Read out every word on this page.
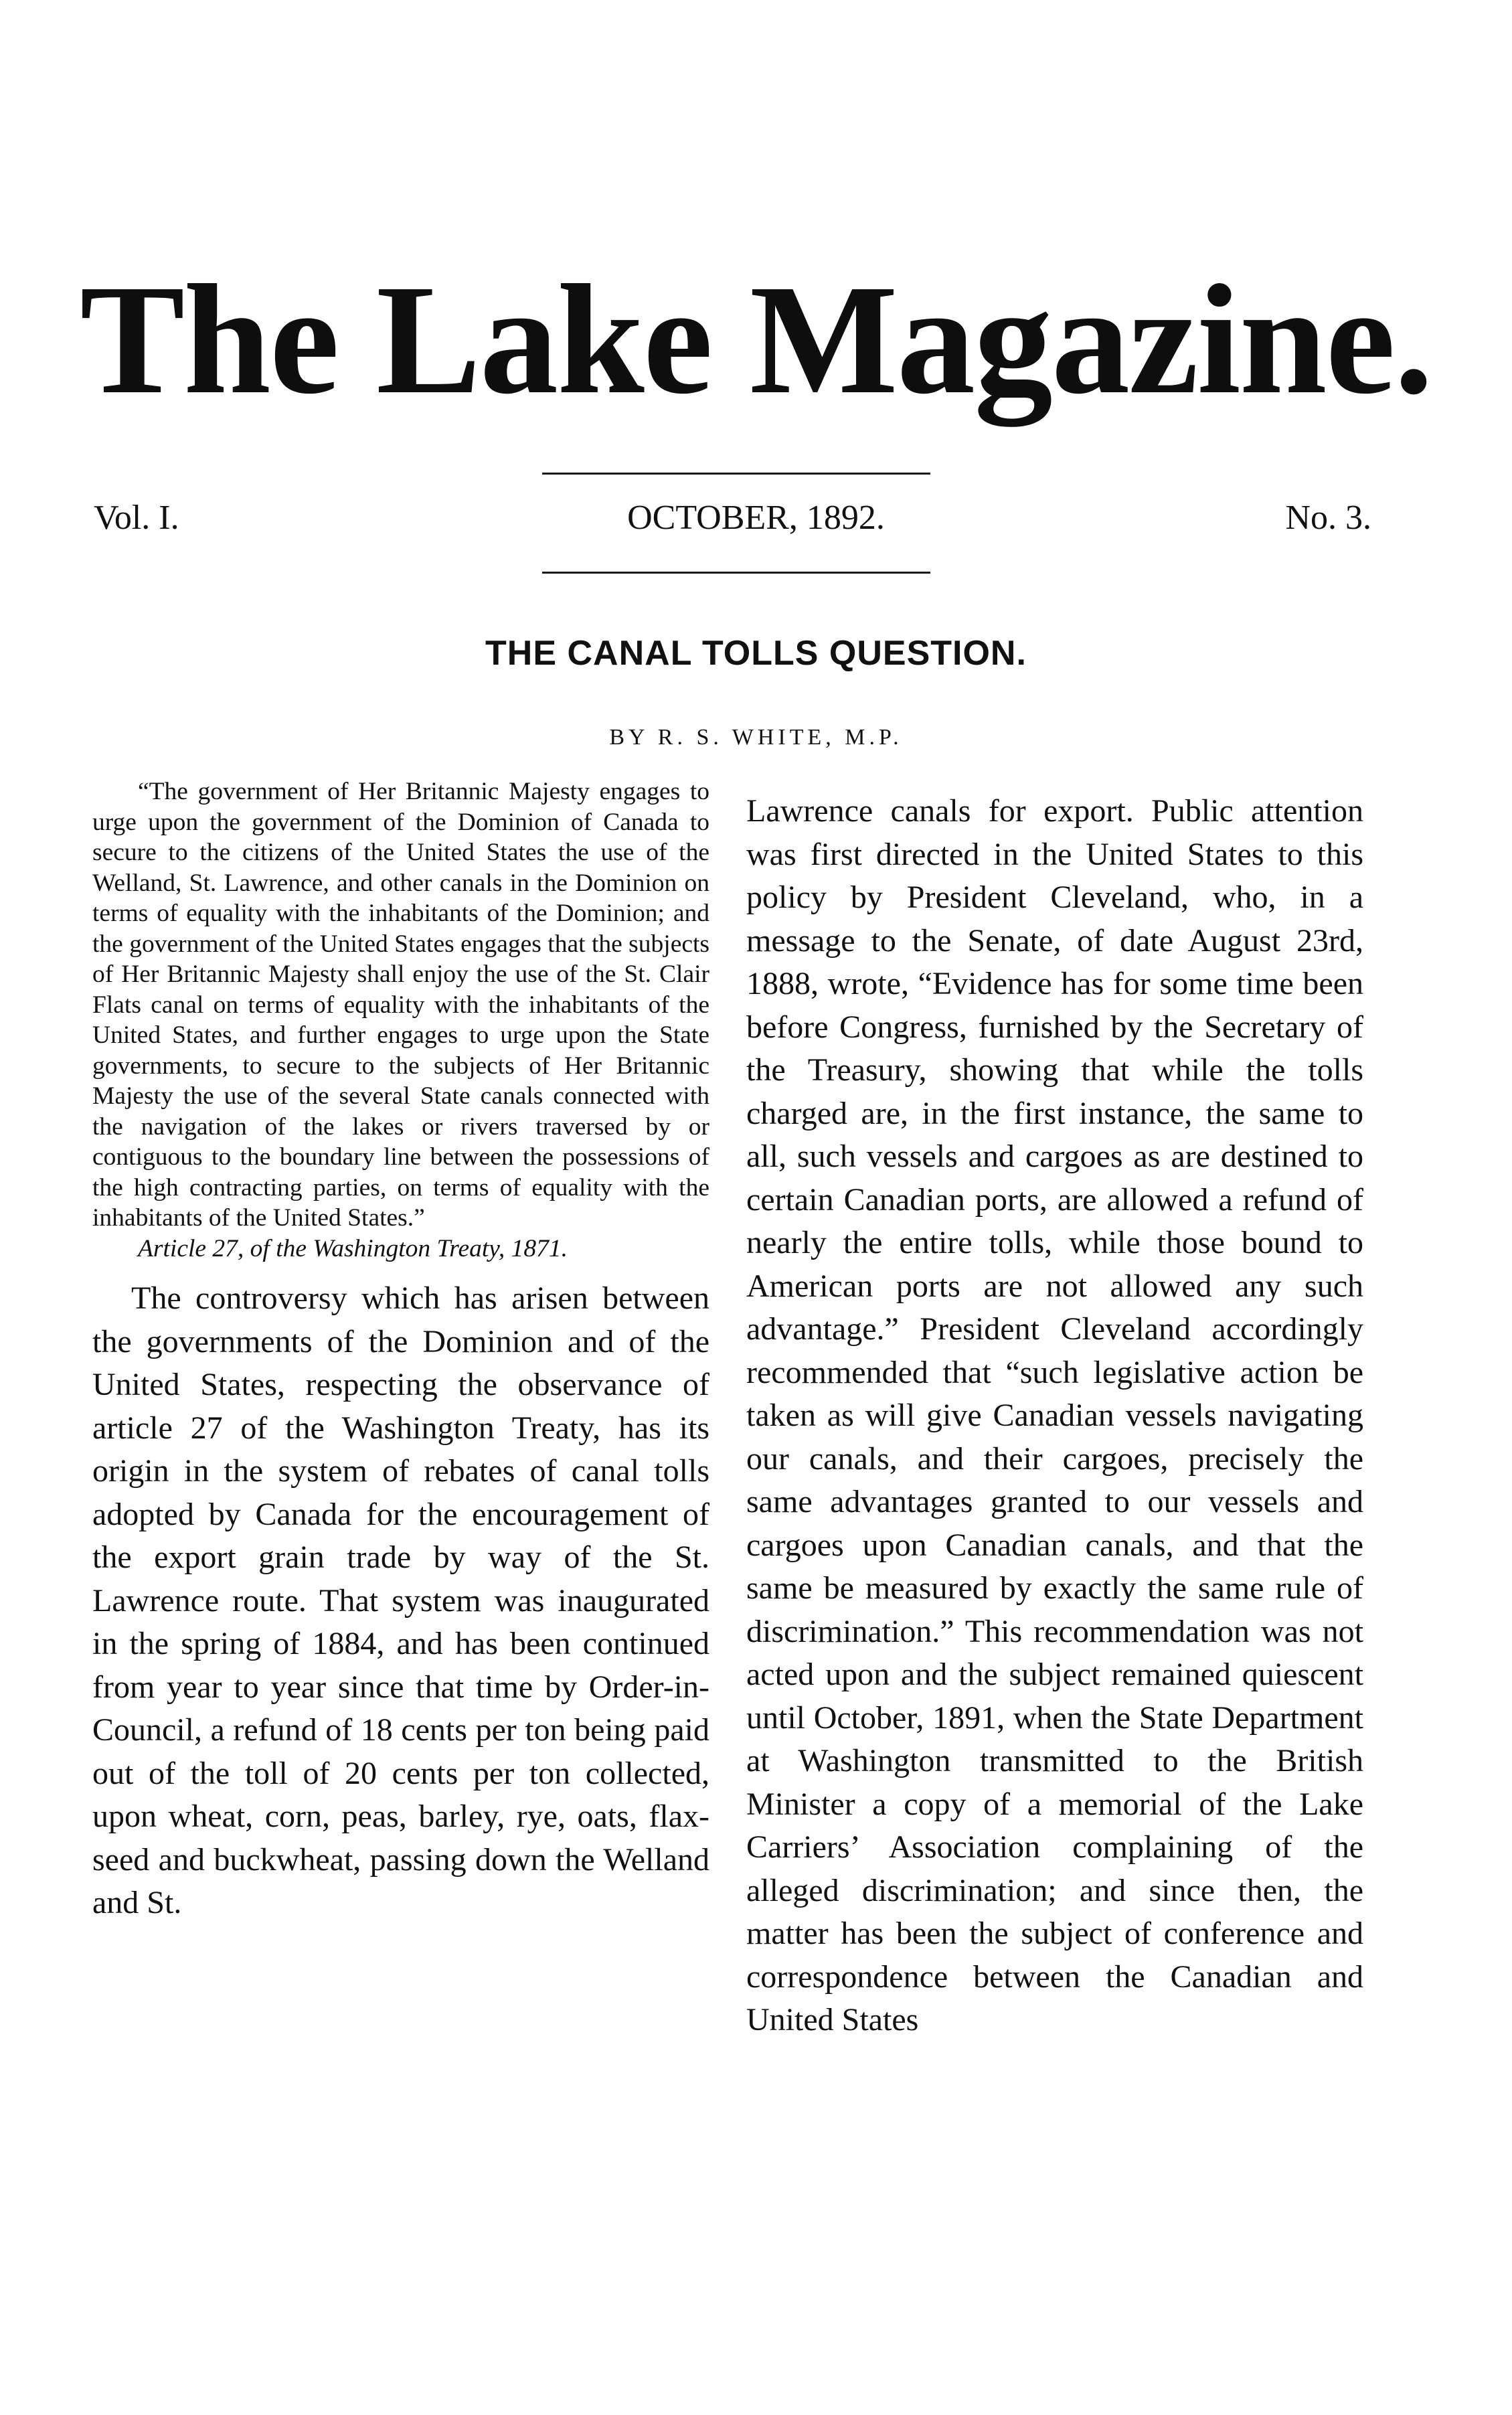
The Lake Magazine.
Vol. I.	OCTOBER, 1892.	No. 3.
THE CANAL TOLLS QUESTION.
BY R. S. WHITE, M.P.

“The government of Her Britannic Majesty engages to urge upon the government of the Dominion of Canada to secure to the citizens of the United States the use of the Welland, St. Lawrence, and other canals in the Dominion on terms of equality with the inhabitants of the Dominion; and the government of the United States engages that the subjects of Her Britannic Majesty shall enjoy the use of the St. Clair Flats canal on terms of equality with the inhabitants of the United States, and further engages to urge upon the State governments, to secure to the subjects of Her Britannic Majesty the use of the several State canals connected with the navigation of the lakes or rivers traversed by or contiguous to the boundary line between the possessions of the high contracting parties, on terms of equality with the inhabitants of the United States.”

Article 27, of the Washington Treaty, 1871.

The controversy which has arisen between the governments of the Dominion and of the United States, respecting the observance of article 27 of the Washington Treaty, has its origin in the system of rebates of canal tolls adopted by Canada for the encouragement of the export grain trade by way of the St. Lawrence route. That system was inaugurated in the spring of 1884, and has been continued from year to year since that time by Order-in-Council, a refund of 18 cents per ton being paid out of the toll of 20 cents per ton collected, upon wheat, corn, peas, barley, rye, oats, flax-seed and buckwheat, passing down the Welland and St.

Lawrence canals for export. Public attention was first directed in the United States to this policy by President Cleveland, who, in a message to the Senate, of date August 23rd, 1888, wrote, “Evidence has for some time been before Congress, furnished by the Secretary of the Treasury, showing that while the tolls charged are, in the first instance, the same to all, such vessels and cargoes as are destined to certain Canadian ports, are allowed a refund of nearly the entire tolls, while those bound to American ports are not allowed any such advantage.” President Cleveland accordingly recommended that “such legislative action be taken as will give Canadian vessels navigating our canals, and their cargoes, precisely the same advantages granted to our vessels and cargoes upon Canadian canals, and that the same be measured by exactly the same rule of discrimination.” This recommendation was not acted upon and the subject remained quiescent until October, 1891, when the State Department at Washington transmitted to the British Minister a copy of a memorial of the Lake Carriers’ Association complaining of the alleged discrimination; and since then, the matter has been the subject of conference and correspondence between the Canadian and United States
